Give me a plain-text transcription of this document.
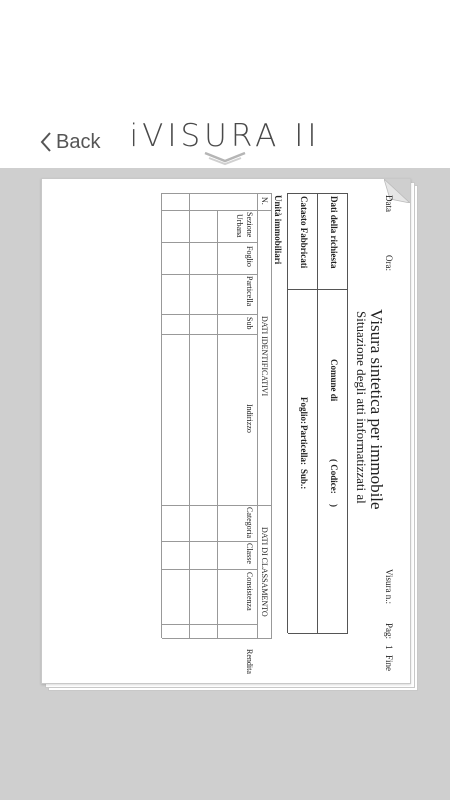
Back iVISURA II
Data
Ora:
Visura n.:
Pag:
1
Fine
Visura sintetica per immobile
Situazione degli atti informatizzati al
Dati della richiesta
Comune di
( Codice:
)
Catasto Fabbricati
Foglio:
Particella:
Sub.:
Unità immobiliari
N.
DATI IDENTIFICATIVI
DATI DI CLASSAMENTO
Sezione
Urbana
Foglio
Particella
Sub
Indirizzo
Categoria
Classe
Consistenza
Rendita
